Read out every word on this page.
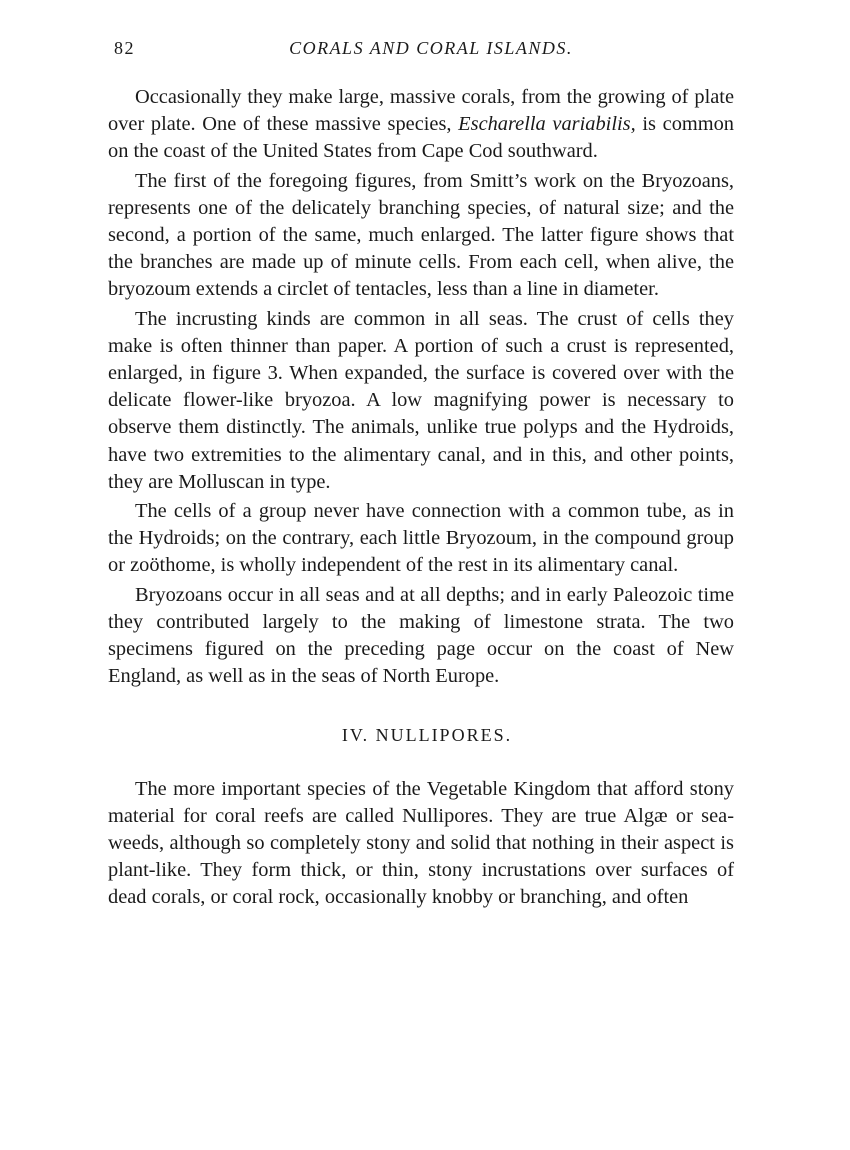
82	CORALS AND CORAL ISLANDS.

Occasionally they make large, massive corals, from the growing of plate over plate. One of these massive species, Escharella variabilis, is common on the coast of the United States from Cape Cod southward.

The first of the foregoing figures, from Smitt’s work on the Bryozoans, represents one of the delicately branching species, of natural size; and the second, a portion of the same, much enlarged. The latter figure shows that the branches are made up of minute cells. From each cell, when alive, the bryozoum extends a circlet of tentacles, less than a line in diameter.

The incrusting kinds are common in all seas. The crust of cells they make is often thinner than paper. A portion of such a crust is represented, enlarged, in figure 3. When expanded, the surface is covered over with the delicate flower-like bryozoa. A low magnifying power is necessary to observe them distinctly. The animals, unlike true polyps and the Hydroids, have two extremities to the alimentary canal, and in this, and other points, they are Molluscan in type.

The cells of a group never have connection with a common tube, as in the Hydroids; on the contrary, each little Bryozoum, in the compound group or zoöthome, is wholly independent of the rest in its alimentary canal.

Bryozoans occur in all seas and at all depths; and in early Paleozoic time they contributed largely to the making of limestone strata. The two specimens figured on the preceding page occur on the coast of New England, as well as in the seas of North Europe.

IV. NULLIPORES.

The more important species of the Vegetable Kingdom that afford stony material for coral reefs are called Nullipores. They are true Algæ or sea-weeds, although so completely stony and solid that nothing in their aspect is plant-like. They form thick, or thin, stony incrustations over surfaces of dead corals, or coral rock, occasionally knobby or branching, and often
